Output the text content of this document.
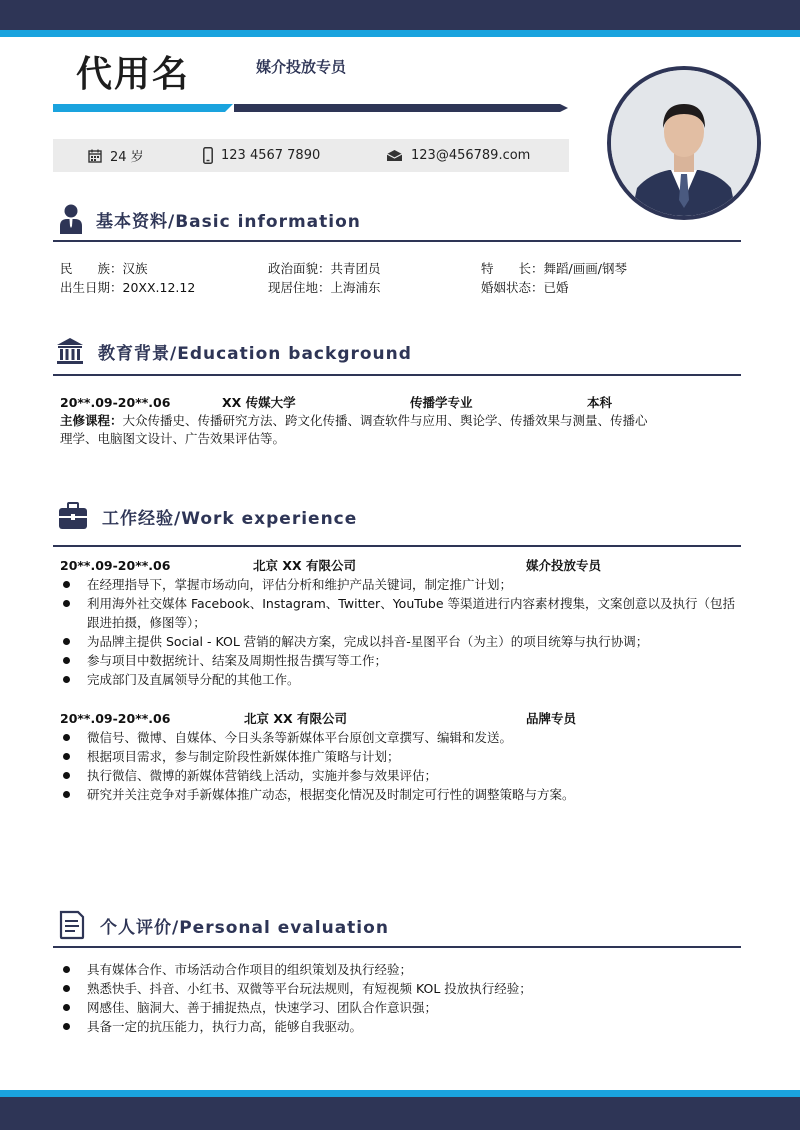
代用名	媒介投放专员
24 岁	123 4567 7890	123@456789.com
基本资料/Basic information
民　　族：汉族	政治面貌：共青团员	特　　长：舞蹈/画画/钢琴
出生日期：20XX.12.12	现居住地：上海浦东	婚姻状态：已婚
教育背景/Education background
20**.09-20**.06	XX 传媒大学	传播学专业	本科
主修课程：大众传播史、传播研究方法、跨文化传播、调查软件与应用、舆论学、传播效果与测量、传播心
理学、电脑图文设计、广告效果评估等。
工作经验/Work experience
20**.09-20**.06	北京 XX 有限公司	媒介投放专员
在经理指导下，掌握市场动向，评估分析和维护产品关键词，制定推广计划；
利用海外社交媒体 Facebook、Instagram、Twitter、YouTube 等渠道进行内容素材搜集，文案创意以及执行（包括跟进拍摄，修图等）；
为品牌主提供 Social - KOL 营销的解决方案，完成以抖音-星图平台（为主）的项目统筹与执行协调；
参与项目中数据统计、结案及周期性报告撰写等工作；
完成部门及直属领导分配的其他工作。
20**.09-20**.06	北京 XX 有限公司	品牌专员
微信号、微博、自媒体、今日头条等新媒体平台原创文章撰写、编辑和发送。
根据项目需求，参与制定阶段性新媒体推广策略与计划；
执行微信、微博的新媒体营销线上活动，实施并参与效果评估；
研究并关注竞争对手新媒体推广动态，根据变化情况及时制定可行性的调整策略与方案。
个人评价/Personal evaluation
具有媒体合作、市场活动合作项目的组织策划及执行经验；
熟悉快手、抖音、小红书、双微等平台玩法规则，有短视频 KOL 投放执行经验；
网感佳、脑洞大、善于捕捉热点，快速学习、团队合作意识强；
具备一定的抗压能力，执行力高，能够自我驱动。
